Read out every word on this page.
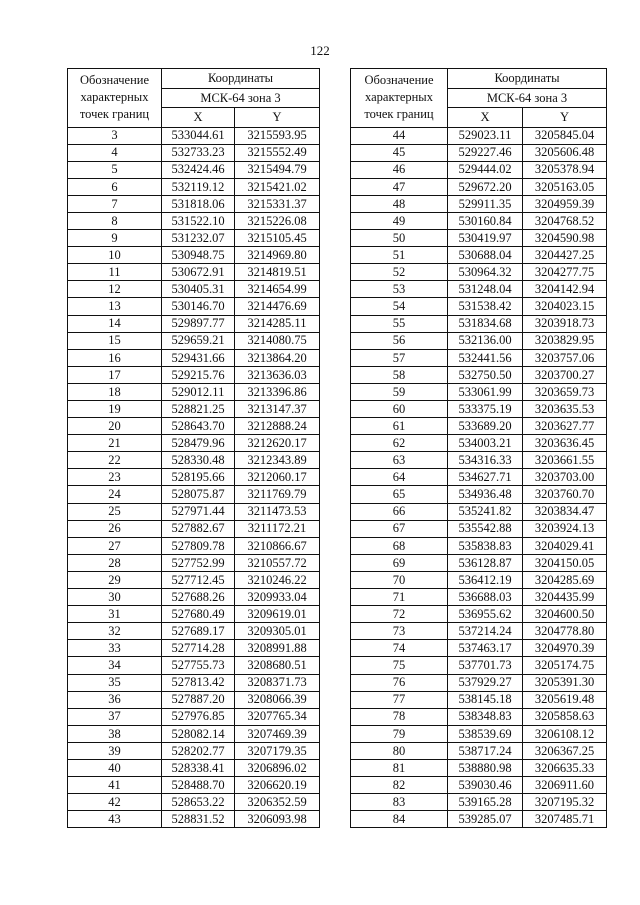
122
Обозначение
характерных
точек границ	Координаты	
	МСК-64 зона 3	
	X	Y
3	533044.61	3215593.95
4	532733.23	3215552.49
5	532424.46	3215494.79
6	532119.12	3215421.02
7	531818.06	3215331.37
8	531522.10	3215226.08
9	531232.07	3215105.45
10	530948.75	3214969.80
11	530672.91	3214819.51
12	530405.31	3214654.99
13	530146.70	3214476.69
14	529897.77	3214285.11
15	529659.21	3214080.75
16	529431.66	3213864.20
17	529215.76	3213636.03
18	529012.11	3213396.86
19	528821.25	3213147.37
20	528643.70	3212888.24
21	528479.96	3212620.17
22	528330.48	3212343.89
23	528195.66	3212060.17
24	528075.87	3211769.79
25	527971.44	3211473.53
26	527882.67	3211172.21
27	527809.78	3210866.67
28	527752.99	3210557.72
29	527712.45	3210246.22
30	527688.26	3209933.04
31	527680.49	3209619.01
32	527689.17	3209305.01
33	527714.28	3208991.88
34	527755.73	3208680.51
35	527813.42	3208371.73
36	527887.20	3208066.39
37	527976.85	3207765.34
38	528082.14	3207469.39
39	528202.77	3207179.35
40	528338.41	3206896.02
41	528488.70	3206620.19
42	528653.22	3206352.59
43	528831.52	3206093.98
Обозначение
характерных
точек границ	Координаты	
	МСК-64 зона 3	
	X	Y
44	529023.11	3205845.04
45	529227.46	3205606.48
46	529444.02	3205378.94
47	529672.20	3205163.05
48	529911.35	3204959.39
49	530160.84	3204768.52
50	530419.97	3204590.98
51	530688.04	3204427.25
52	530964.32	3204277.75
53	531248.04	3204142.94
54	531538.42	3204023.15
55	531834.68	3203918.73
56	532136.00	3203829.95
57	532441.56	3203757.06
58	532750.50	3203700.27
59	533061.99	3203659.73
60	533375.19	3203635.53
61	533689.20	3203627.77
62	534003.21	3203636.45
63	534316.33	3203661.55
64	534627.71	3203703.00
65	534936.48	3203760.70
66	535241.82	3203834.47
67	535542.88	3203924.13
68	535838.83	3204029.41
69	536128.87	3204150.05
70	536412.19	3204285.69
71	536688.03	3204435.99
72	536955.62	3204600.50
73	537214.24	3204778.80
74	537463.17	3204970.39
75	537701.73	3205174.75
76	537929.27	3205391.30
77	538145.18	3205619.48
78	538348.83	3205858.63
79	538539.69	3206108.12
80	538717.24	3206367.25
81	538880.98	3206635.33
82	539030.46	3206911.60
83	539165.28	3207195.32
84	539285.07	3207485.71
